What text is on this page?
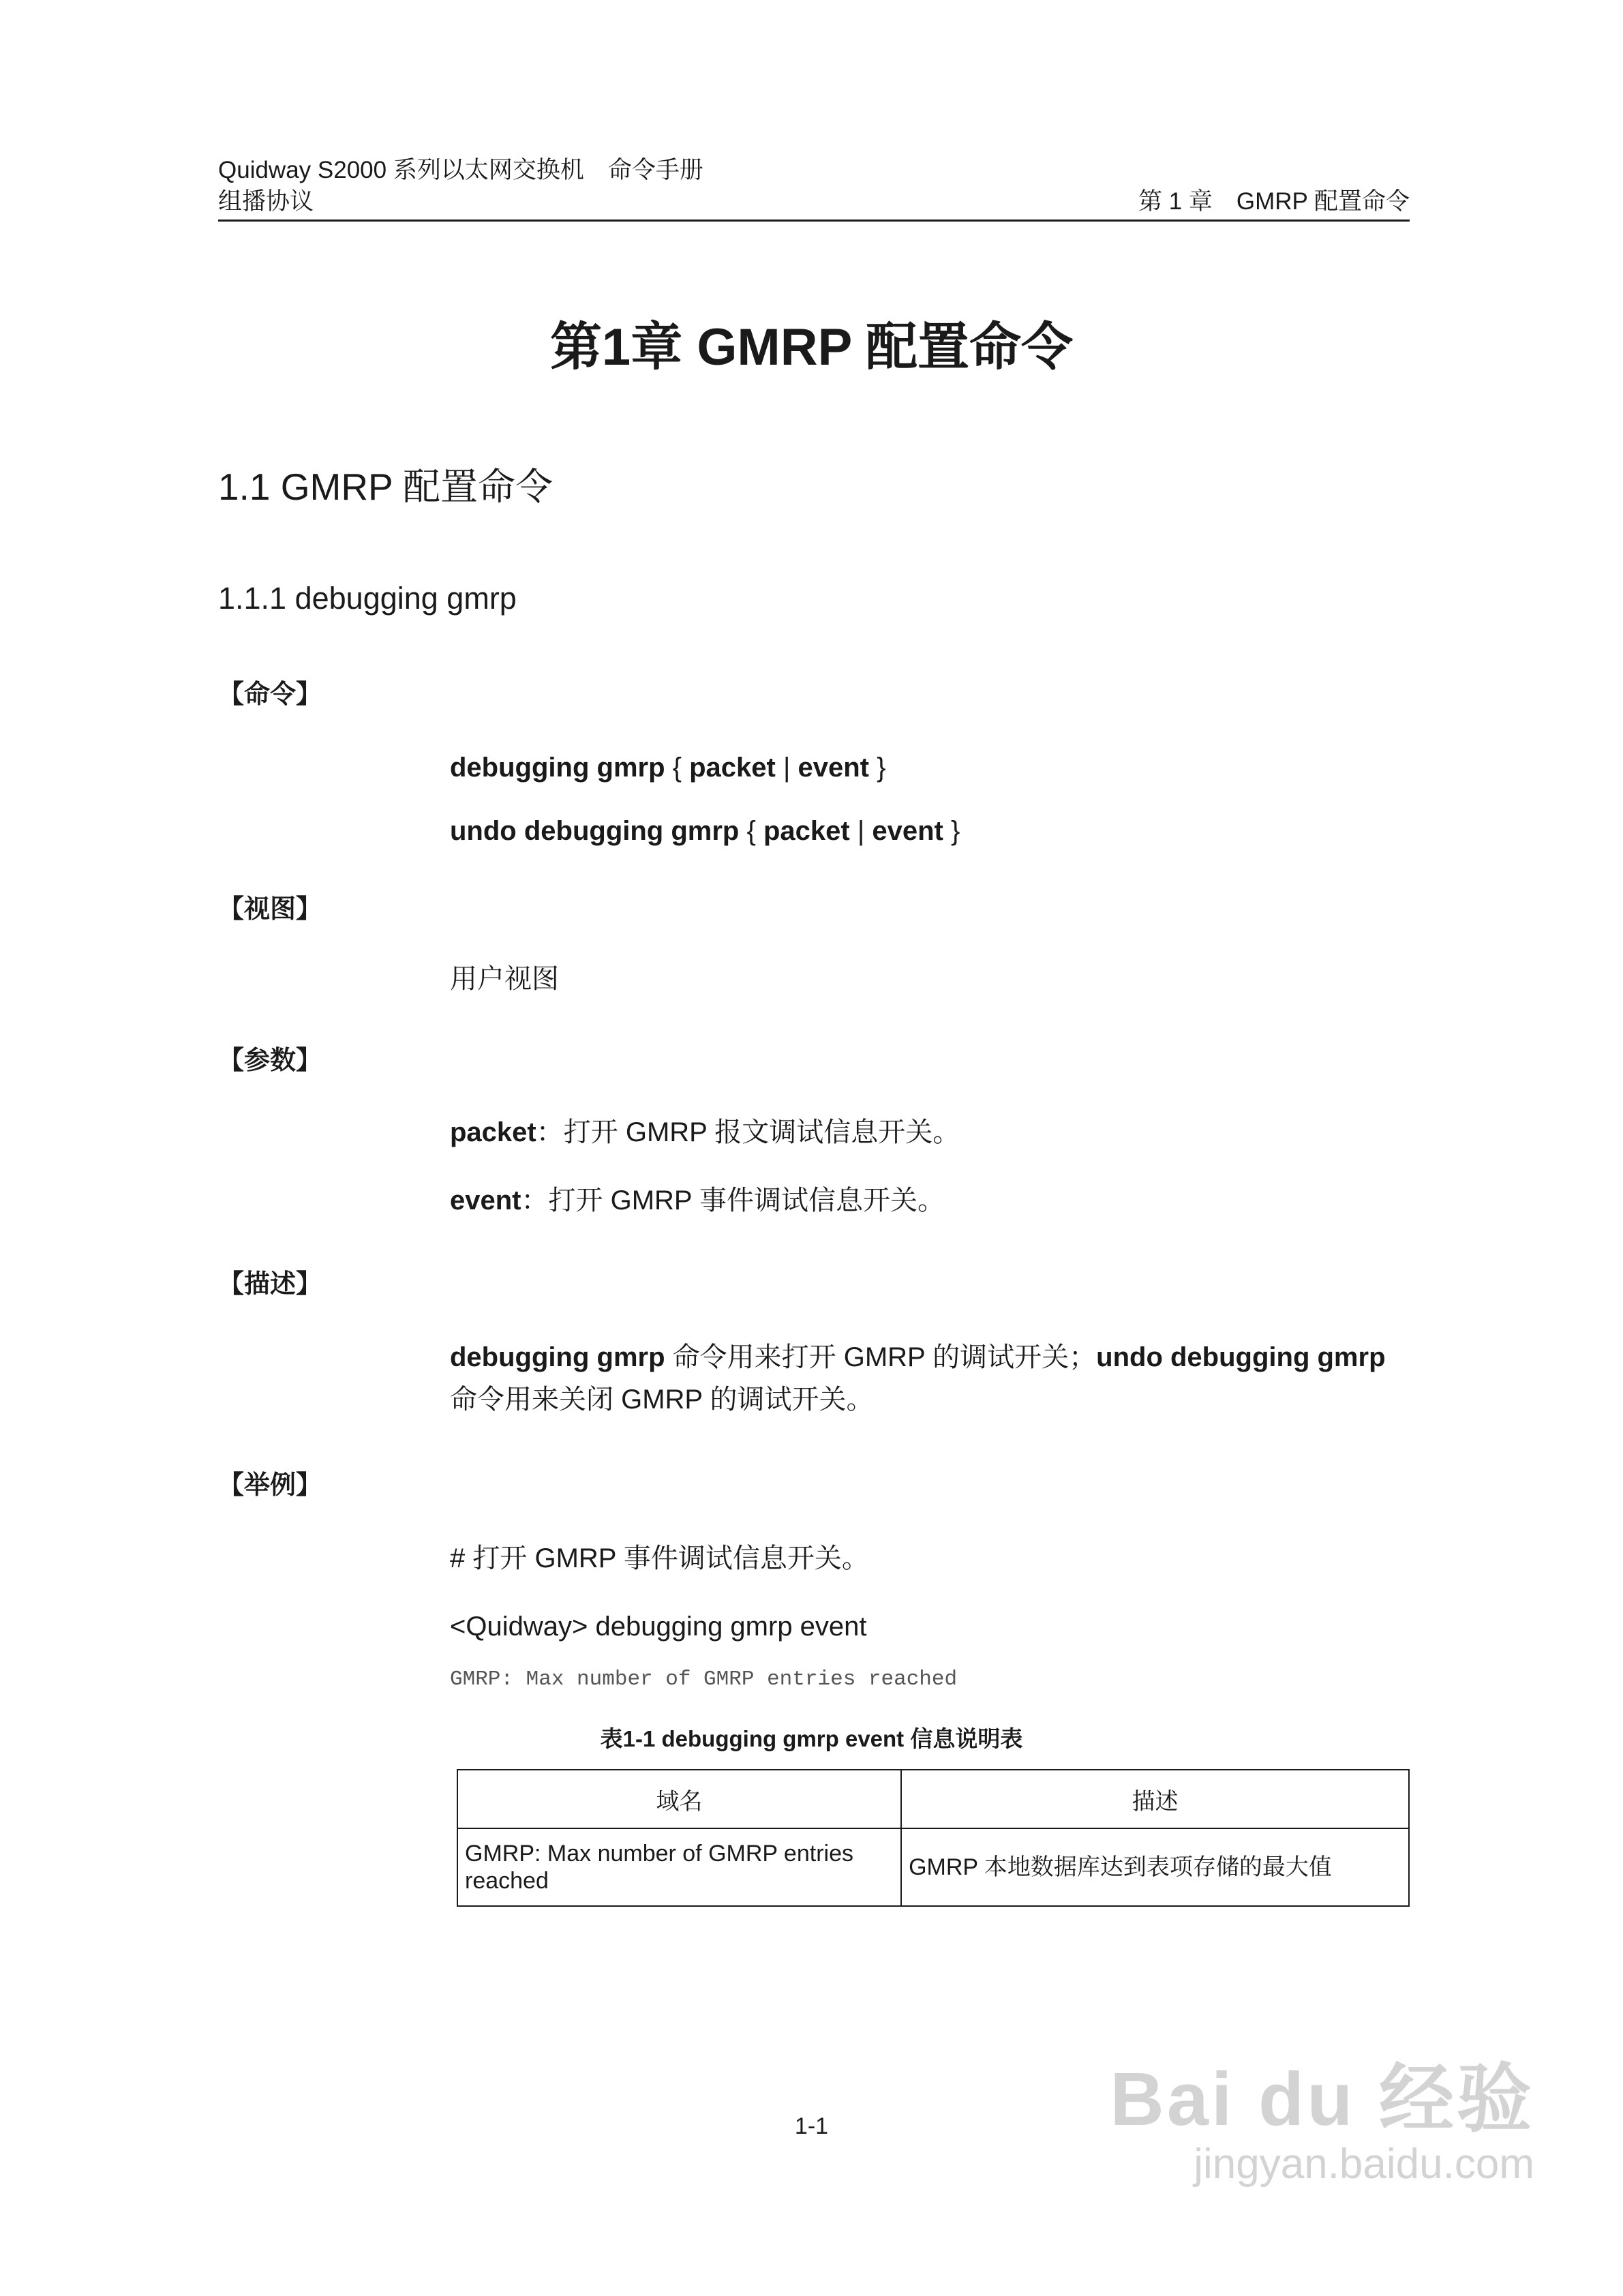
Quidway S2000 系列以太网交换机　命令手册
组播协议	第 1 章　GMRP 配置命令
第1章 GMRP 配置命令
1.1 GMRP 配置命令
1.1.1 debugging gmrp
【命令】
debugging gmrp { packet | event }
undo debugging gmrp { packet | event }
【视图】
用户视图
【参数】
packet：打开 GMRP 报文调试信息开关。
event：打开 GMRP 事件调试信息开关。
【描述】
debugging gmrp 命令用来打开 GMRP 的调试开关；undo debugging gmrp
命令用来关闭 GMRP 的调试开关。
【举例】
# 打开 GMRP 事件调试信息开关。
<Quidway> debugging gmrp event
GMRP: Max number of GMRP entries reached
表1-1 debugging gmrp event 信息说明表
域名	描述
GMRP: Max number of GMRP entries reached	GMRP 本地数据库达到表项存储的最大值
1-1	Bai du 经验
jingyan.baidu.com
